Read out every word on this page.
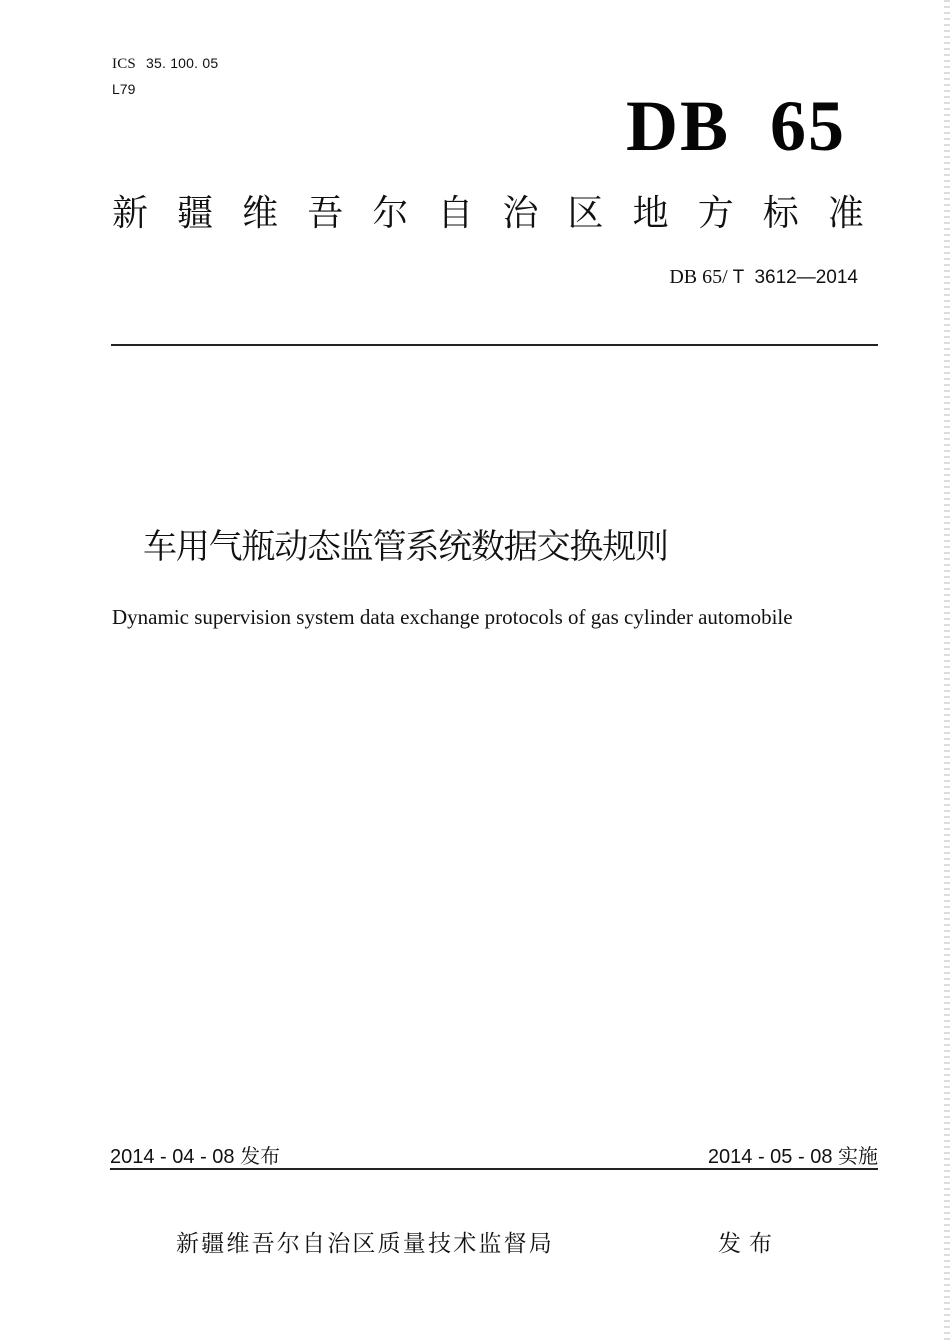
ICS 35. 100. 05
L79	DB  65
新 疆 维 吾 尔 自 治 区 地 方 标 准
DB 65/ T  3612—2014
车用气瓶动态监管系统数据交换规则
Dynamic supervision system data exchange protocols of gas cylinder automobile
2014 - 04 - 08 发布	2014 - 05 - 08 实施
新疆维吾尔自治区质量技术监督局	发布
